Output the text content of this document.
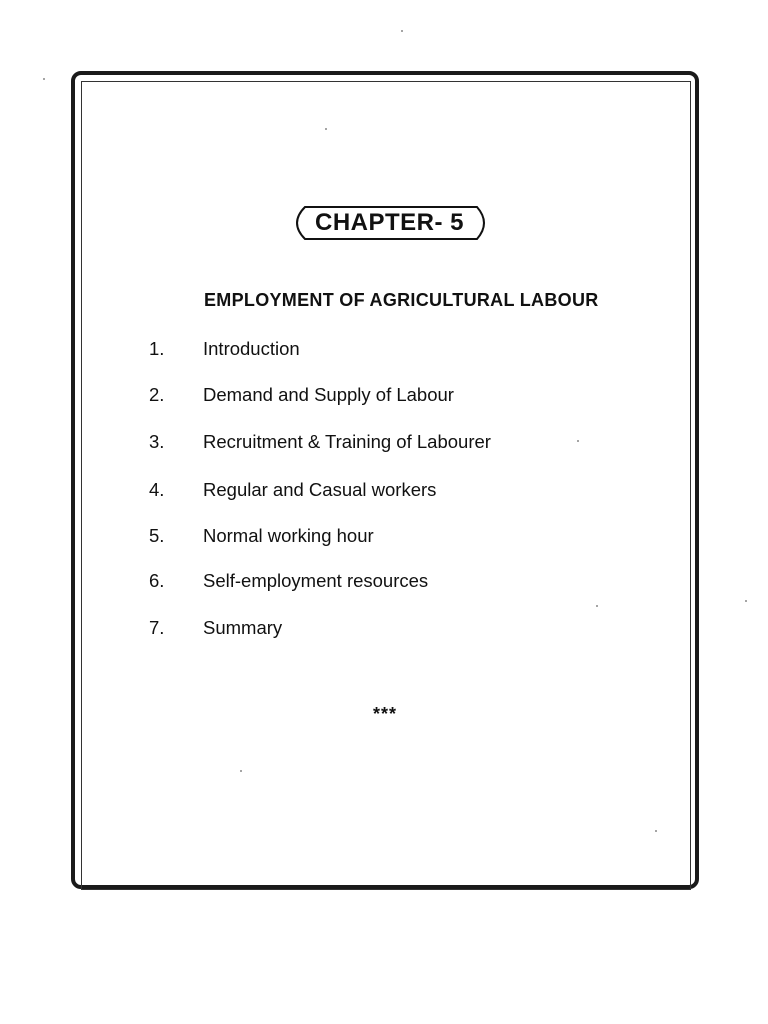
CHAPTER- 5
EMPLOYMENT OF AGRICULTURAL LABOUR
1. Introduction
2. Demand and Supply of Labour
3. Recruitment & Training of Labourer
4. Regular and Casual workers
5. Normal working hour
6. Self-employment resources
7. Summary
***
